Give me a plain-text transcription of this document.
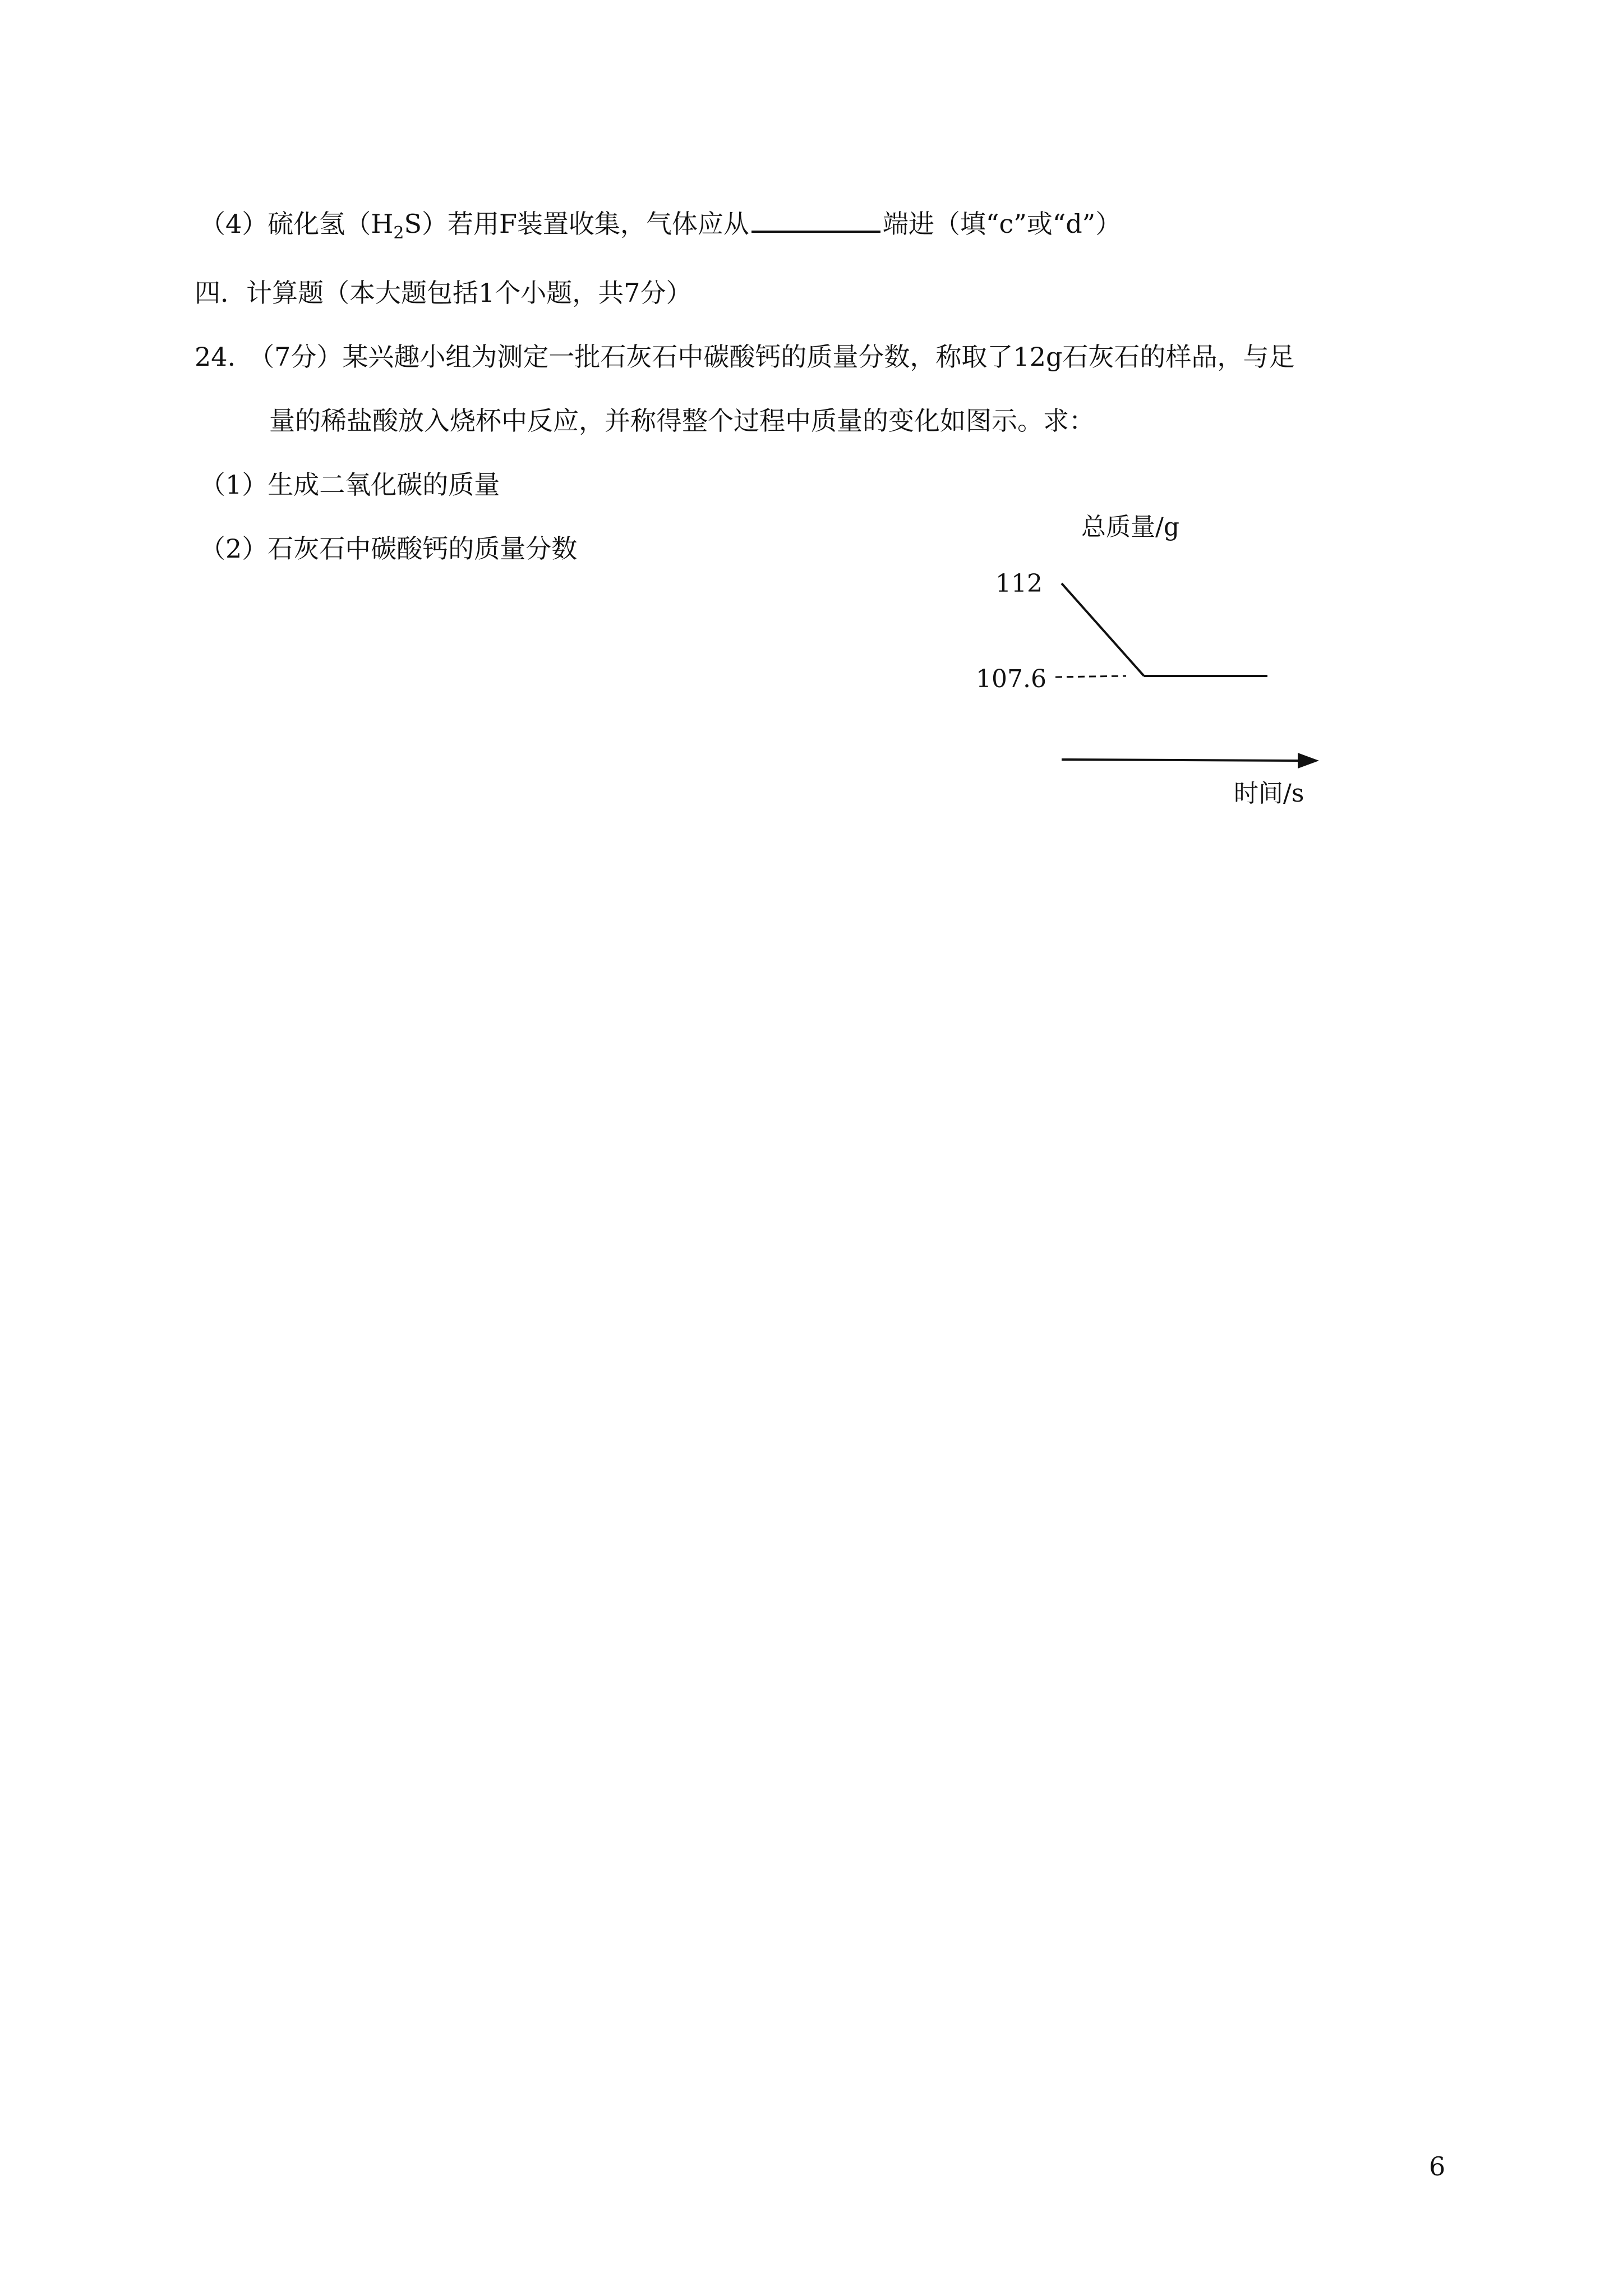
（4）硫化氢$(H_2S)$若用F装置收集，气体应从	端进（填“c”或“d”）
四．计算题（本大题包括1个小题，共7分）
24.　（7分）某兴趣小组为测定一批石灰石中碳酸钙的质量分数，称取了12g石灰石的样品，与足
量的稀盐酸放入烧杯中反应，并称得整个过程中质量的变化如图示。求：
（1）生成二氧化碳的质量
（2）石灰石中碳酸钙的质量分数
总质量/g
112
107.6
时间/s
6
